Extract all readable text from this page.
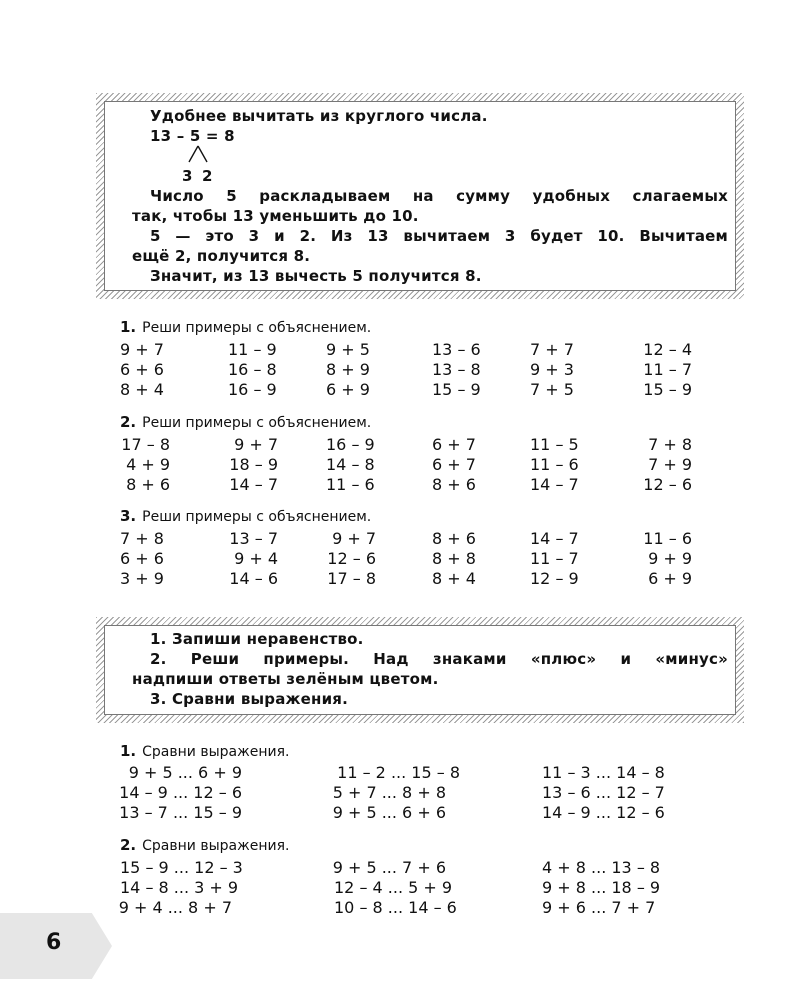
Удобнее вычитать из круглого числа.
13 – 5 = 8
3 2
Число 5 раскладываем на сумму удобных слагаемых
так, чтобы 13 уменьшить до 10.
5 — это 3 и 2. Из 13 вычитаем 3 будет 10. Вычитаем
ещё 2, получится 8.
Значит, из 13 вычесть 5 получится 8.
1. Реши примеры с объяснением.
9 + 7	11 – 9	9 + 5	13 – 6	7 + 7	12 – 4
6 + 6	16 – 8	8 + 9	13 – 8	9 + 3	11 – 7
8 + 4	16 – 9	6 + 9	15 – 9	7 + 5	15 – 9
2. Реши примеры с объяснением.
17 – 8	9 + 7	16 – 9	6 + 7	11 – 5	7 + 8
4 + 9	18 – 9	14 – 8	6 + 7	11 – 6	7 + 9
8 + 6	14 – 7	11 – 6	8 + 6	14 – 7	12 – 6
3. Реши примеры с объяснением.
7 + 8	13 – 7	9 + 7	8 + 6	14 – 7	11 – 6
6 + 6	9 + 4	12 – 6	8 + 8	11 – 7	9 + 9
3 + 9	14 – 6	17 – 8	8 + 4	12 – 9	6 + 9
1. Запиши неравенство.
2. Реши примеры. Над знаками «плюс» и «минус»
надпиши ответы зелёным цветом.
3. Сравни выражения.
1. Сравни выражения.
9 + 5 ... 6 + 9	11 – 2 ... 15 – 8	11 – 3 ... 14 – 8
14 – 9 ... 12 – 6	5 + 7 ... 8 + 8	13 – 6 ... 12 – 7
13 – 7 ... 15 – 9	9 + 5 ... 6 + 6	14 – 9 ... 12 – 6
2. Сравни выражения.
15 – 9 ... 12 – 3	9 + 5 ... 7 + 6	4 + 8 ... 13 – 8
14 – 8 ... 3 + 9	12 – 4 ... 5 + 9	9 + 8 ... 18 – 9
9 + 4 ... 8 + 7	10 – 8 ... 14 – 6	9 + 6 ... 7 + 7
6
